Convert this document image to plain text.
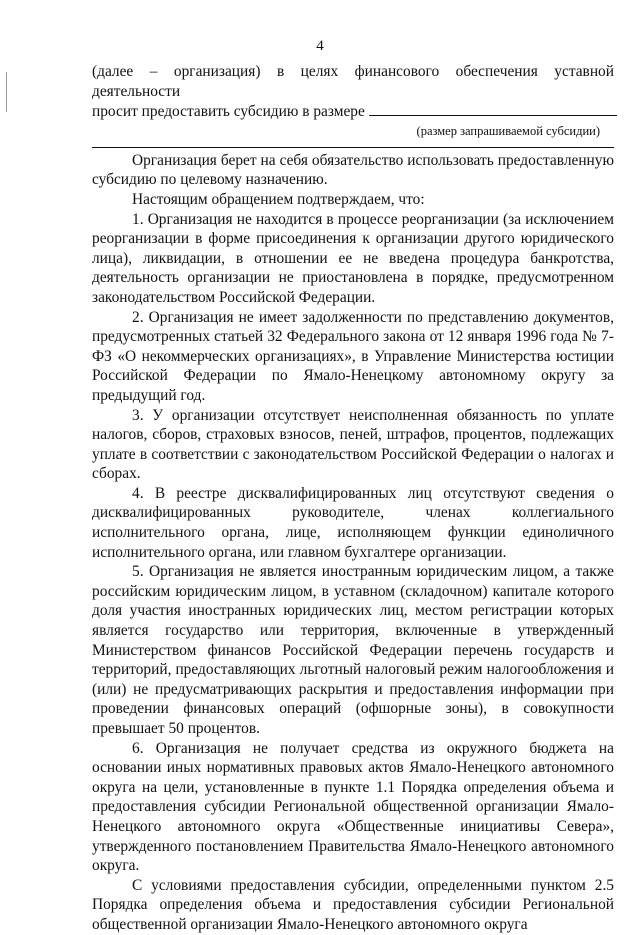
4
(далее – организация) в целях финансового обеспечения уставной деятельности
просит предоставить субсидию в размере
(размер запрашиваемой субсидии)

Организация берет на себя обязательство использовать предоставленную субсидию по целевому назначению.

Настоящим обращением подтверждаем, что:

1. Организация не находится в процессе реорганизации (за исключением реорганизации в форме присоединения к организации другого юридического лица), ликвидации, в отношении ее не введена процедура банкротства, деятельность организации не приостановлена в порядке, предусмотренном законодательством Российской Федерации.

2. Организация не имеет задолженности по представлению документов, предусмотренных статьей 32 Федерального закона от 12 января 1996 года № 7-ФЗ «О некоммерческих организациях», в Управление Министерства юстиции Российской Федерации по Ямало-Ненецкому автономному округу за предыдущий год.

3. У организации отсутствует неисполненная обязанность по уплате налогов, сборов, страховых взносов, пеней, штрафов, процентов, подлежащих уплате в соответствии с законодательством Российской Федерации о налогах и сборах.

4. В реестре дисквалифицированных лиц отсутствуют сведения о дисквалифицированных руководителе, членах коллегиального исполнительного органа, лице, исполняющем функции единоличного исполнительного органа, или главном бухгалтере организации.

5. Организация не является иностранным юридическим лицом, а также российским юридическим лицом, в уставном (складочном) капитале которого доля участия иностранных юридических лиц, местом регистрации которых является государство или территория, включенные в утвержденный Министерством финансов Российской Федерации перечень государств и территорий, предоставляющих льготный налоговый режим налогообложения и (или) не предусматривающих раскрытия и предоставления информации при проведении финансовых операций (офшорные зоны), в совокупности превышает 50 процентов.

6. Организация не получает средства из окружного бюджета на основании иных нормативных правовых актов Ямало-Ненецкого автономного округа на цели, установленные в пункте 1.1 Порядка определения объема и предоставления субсидии Региональной общественной организации Ямало-Ненецкого автономного округа «Общественные инициативы Севера», утвержденного постановлением Правительства Ямало-Ненецкого автономного округа.

С условиями предоставления субсидии, определенными пунктом 2.5 Порядка определения объема и предоставления субсидии Региональной общественной организации Ямало-Ненецкого автономного округа
